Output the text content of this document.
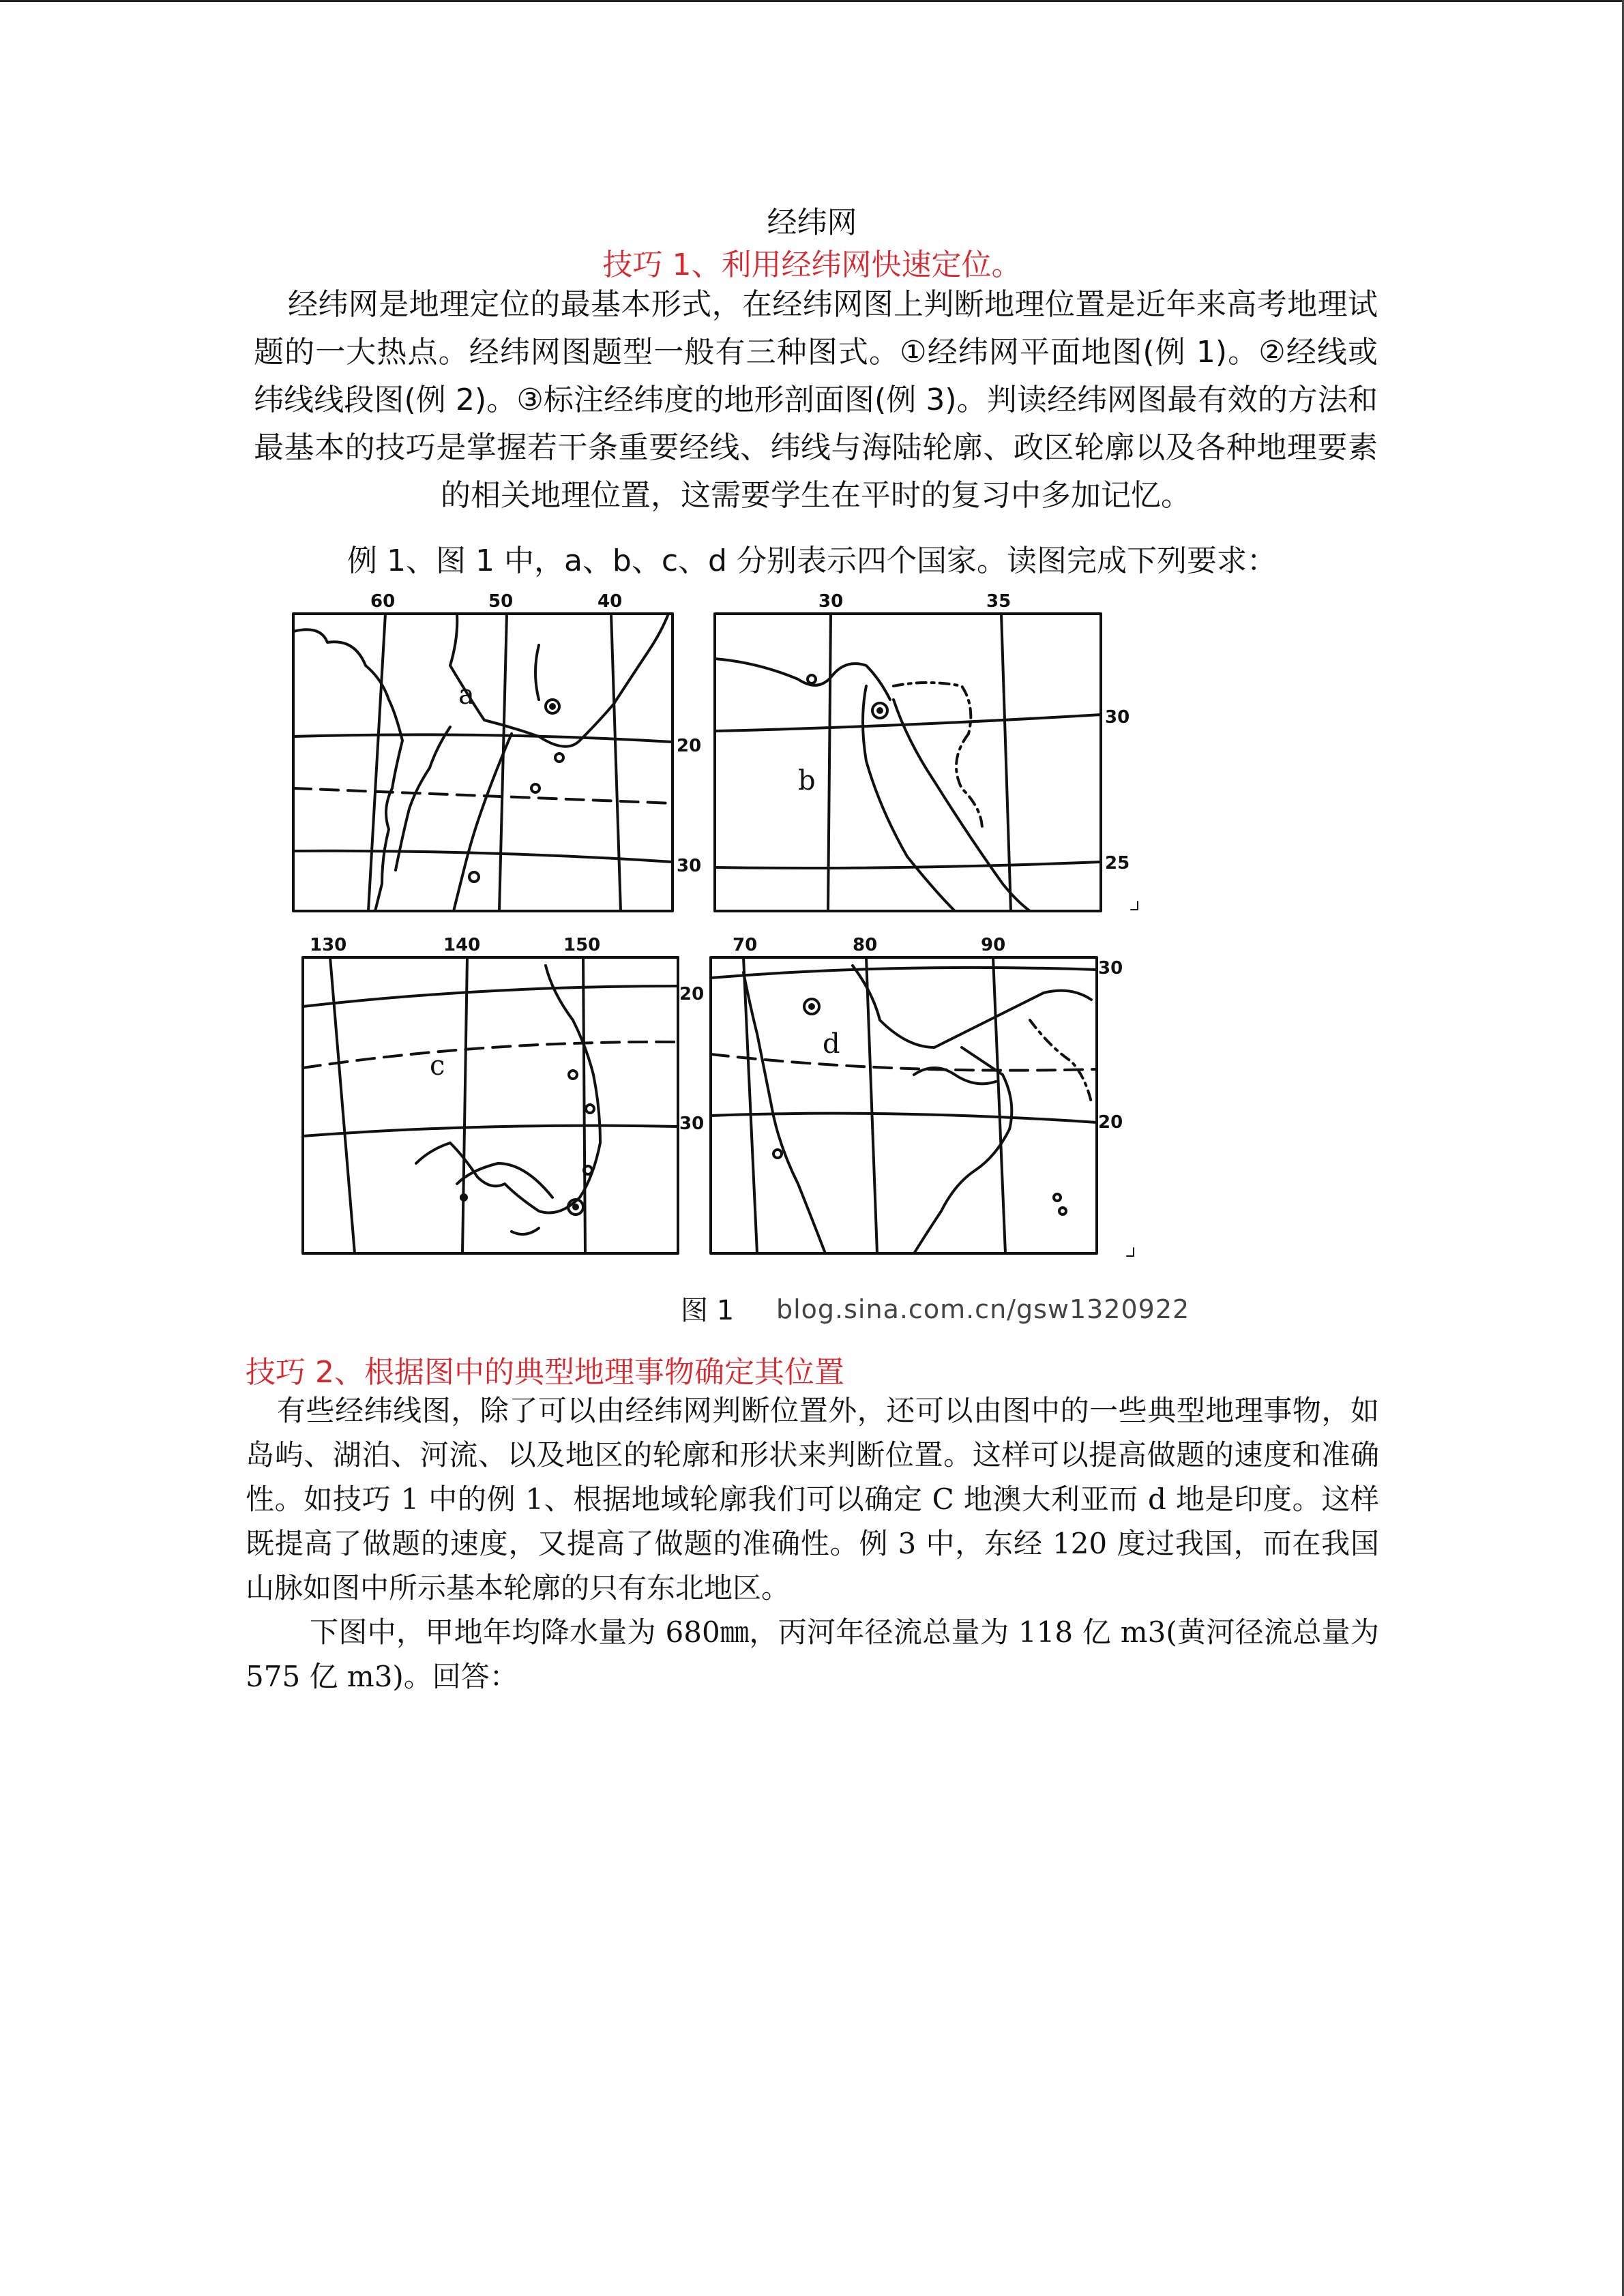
经纬网
技巧 1、利用经纬网快速定位。

经纬网是地理定位的最基本形式，在经纬网图上判断地理位置是近年来高考地理试题的一大热点。经纬网图题型一般有三种图式。①经纬网平面地图(例 1)。②经线或纬线线段图(例 2)。③标注经纬度的地形剖面图(例 3)。判读经纬网图最有效的方法和最基本的技巧是掌握若干条重要经线、纬线与海陆轮廓、政区轮廓以及各种地理要素的相关地理位置，这需要学生在平时的复习中多加记忆。

例 1、图 1 中，a、b、c、d 分别表示四个国家。读图完成下列要求：
a
60	50	40
20
30
b
30	35
30
25
c
130	140	150
20
30
d
70	80	90
30
20
图 1 blog.sina.com.cn/gsw1320922
技巧 2、根据图中的典型地理事物确定其位置

有些经纬线图，除了可以由经纬网判断位置外，还可以由图中的一些典型地理事物，如岛屿、湖泊、河流、以及地区的轮廓和形状来判断位置。这样可以提高做题的速度和准确性。如技巧 1 中的例 1、根据地域轮廓我们可以确定 C 地澳大利亚而 d 地是印度。这样既提高了做题的速度，又提高了做题的准确性。例 3 中，东经 120 度过我国，而在我国山脉如图中所示基本轮廓的只有东北地区。

下图中，甲地年均降水量为 680㎜，丙河年径流总量为 118 亿 m3(黄河径流总量为 575 亿 m3)。回答：
